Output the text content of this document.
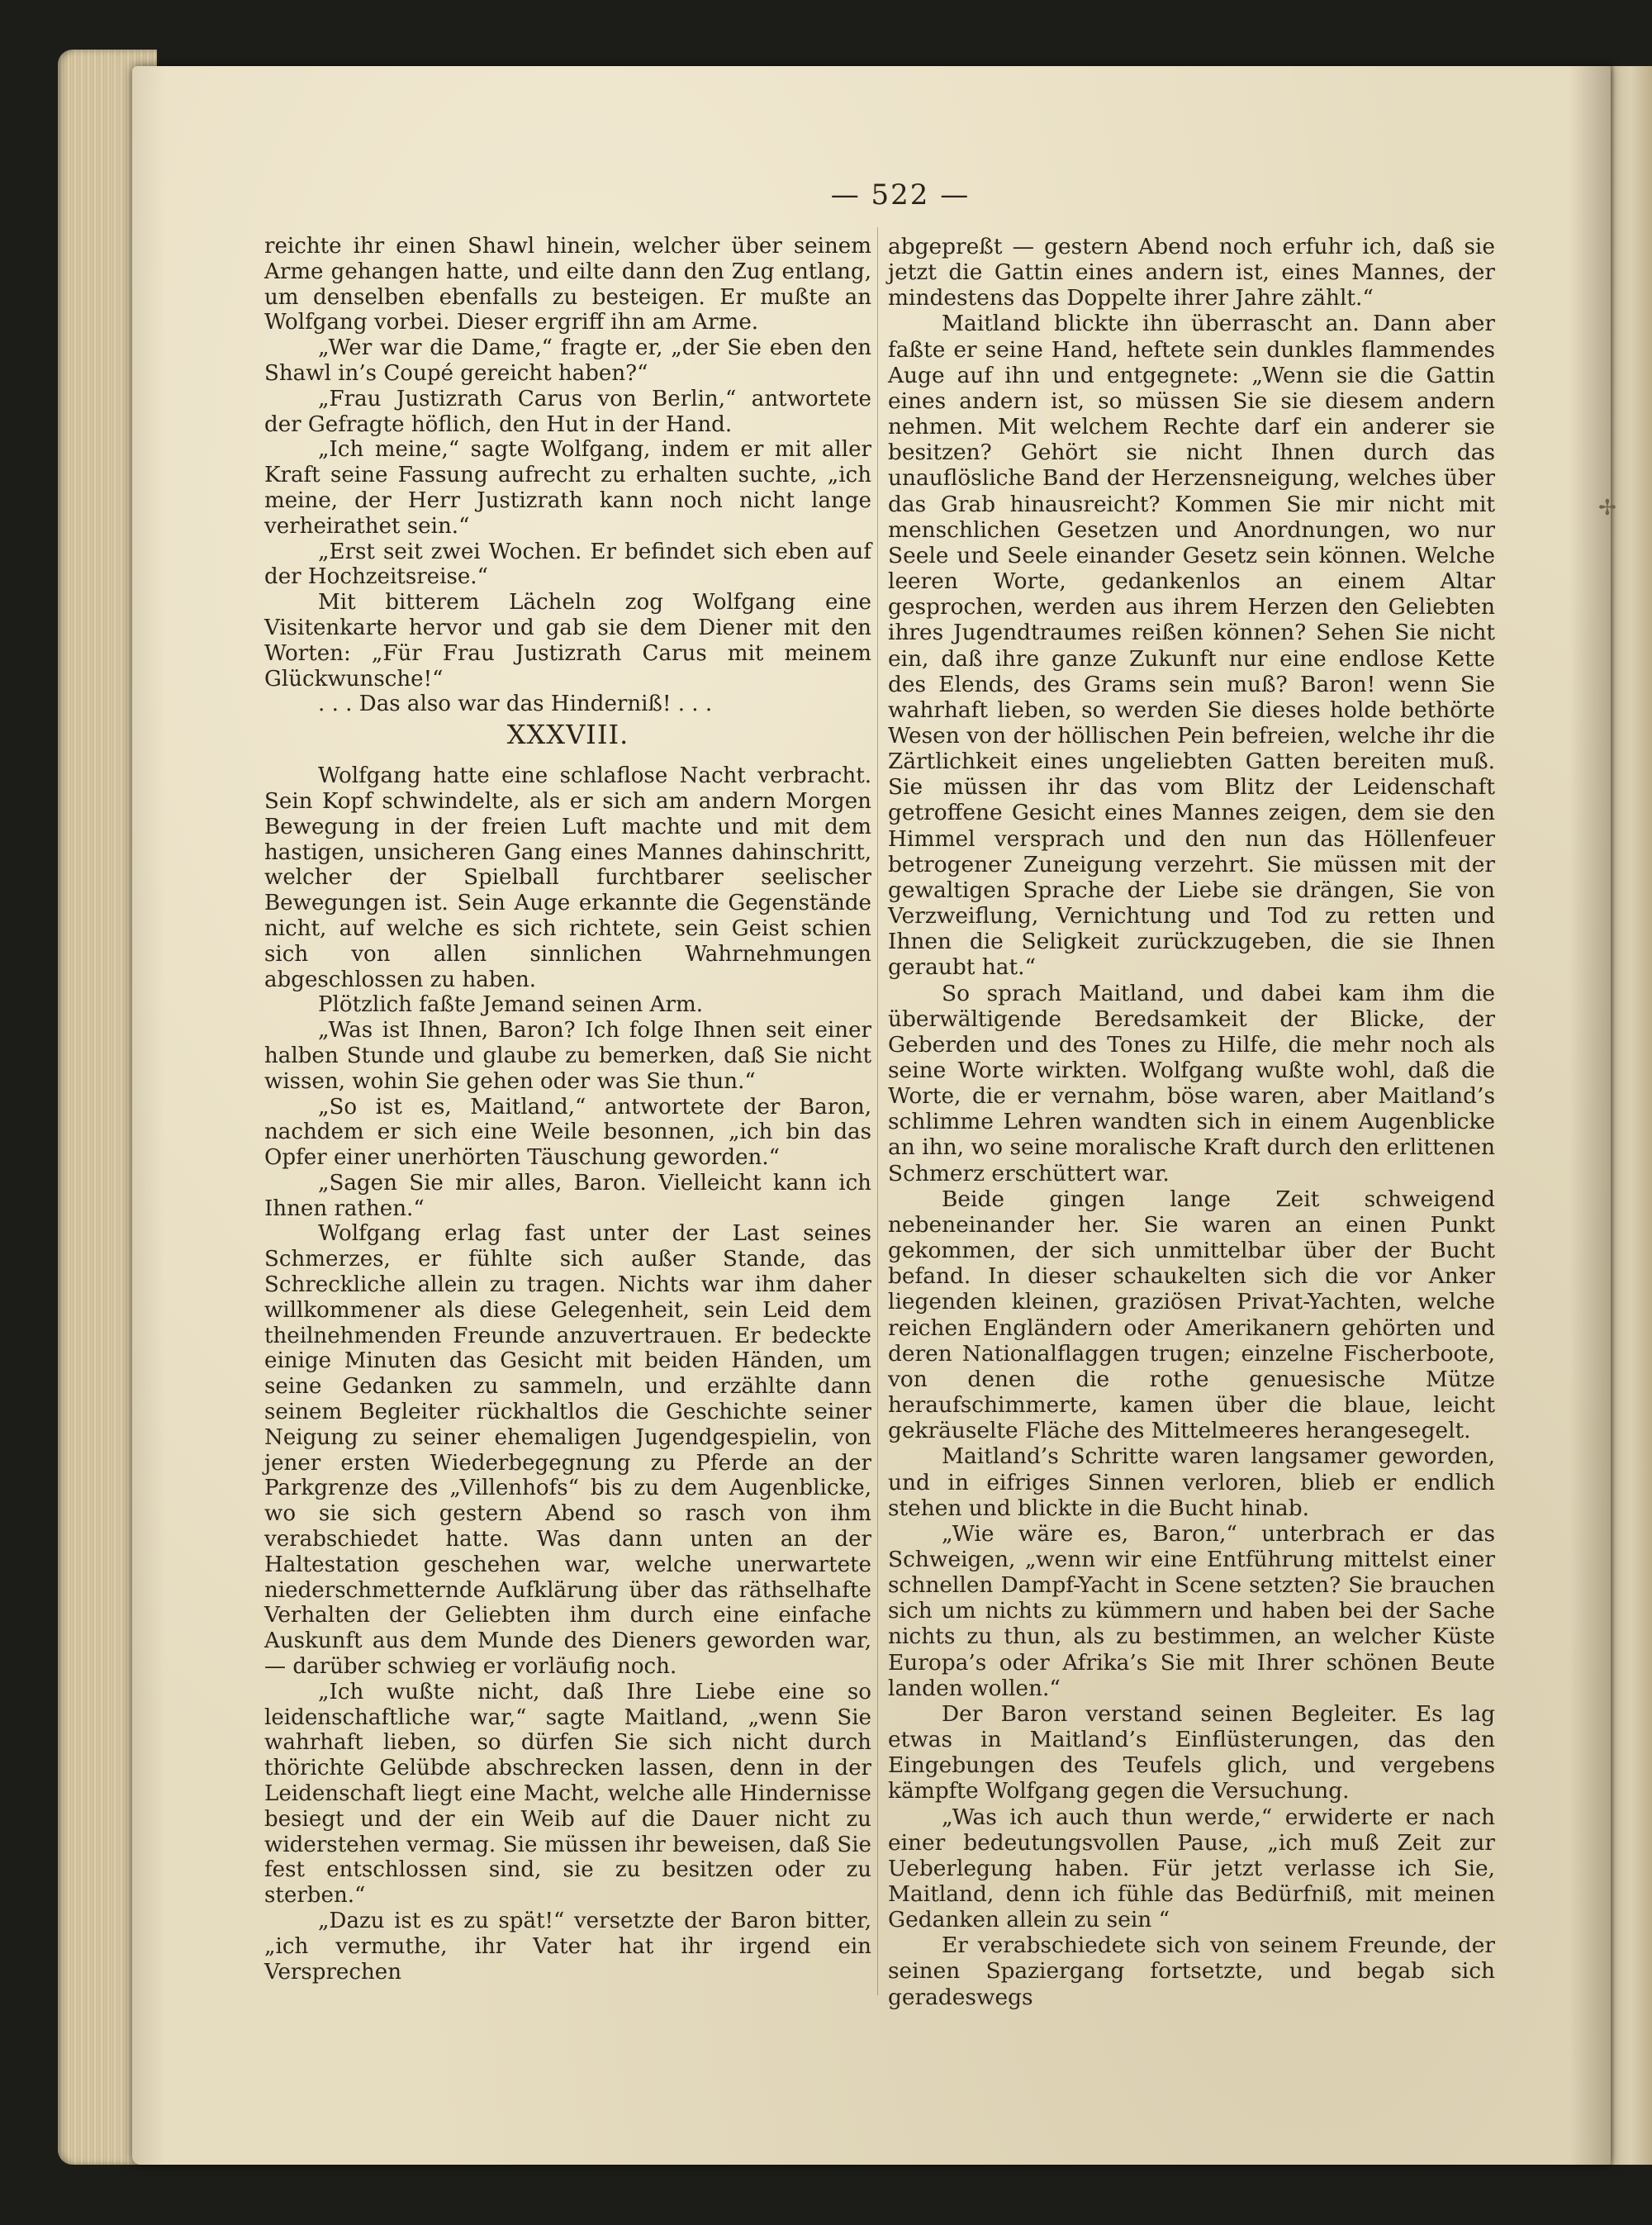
— 522 —
✢

reichte ihr einen Shawl hinein, welcher über seinem Arme gehangen hatte, und eilte dann den Zug entlang, um denselben ebenfalls zu besteigen. Er mußte an Wolfgang vorbei. Dieser ergriff ihn am Arme.

„Wer war die Dame,“ fragte er, „der Sie eben den Shawl in’s Coupé gereicht haben?“

„Frau Justizrath Carus von Berlin,“ antwortete der Gefragte höflich, den Hut in der Hand.

„Ich meine,“ sagte Wolfgang, indem er mit aller Kraft seine Fassung aufrecht zu erhalten suchte, „ich meine, der Herr Justizrath kann noch nicht lange verheirathet sein.“

„Erst seit zwei Wochen. Er befindet sich eben auf der Hochzeitsreise.“

Mit bitterem Lächeln zog Wolfgang eine Visitenkarte hervor und gab sie dem Diener mit den Worten: „Für Frau Justizrath Carus mit meinem Glückwunsche!“

. . . Das also war das Hinderniß! . . .

XXXVIII.

Wolfgang hatte eine schlaflose Nacht verbracht. Sein Kopf schwindelte, als er sich am andern Morgen Bewegung in der freien Luft machte und mit dem hastigen, unsicheren Gang eines Mannes dahinschritt, welcher der Spielball furchtbarer seelischer Bewegungen ist. Sein Auge erkannte die Gegenstände nicht, auf welche es sich richtete, sein Geist schien sich von allen sinnlichen Wahrnehmungen abgeschlossen zu haben.

Plötzlich faßte Jemand seinen Arm.

„Was ist Ihnen, Baron? Ich folge Ihnen seit einer halben Stunde und glaube zu bemerken, daß Sie nicht wissen, wohin Sie gehen oder was Sie thun.“

„So ist es, Maitland,“ antwortete der Baron, nachdem er sich eine Weile besonnen, „ich bin das Opfer einer unerhörten Täuschung geworden.“

„Sagen Sie mir alles, Baron. Vielleicht kann ich Ihnen rathen.“

Wolfgang erlag fast unter der Last seines Schmerzes, er fühlte sich außer Stande, das Schreckliche allein zu tragen. Nichts war ihm daher willkommener als diese Gelegenheit, sein Leid dem theilnehmenden Freunde anzuvertrauen. Er bedeckte einige Minuten das Gesicht mit beiden Händen, um seine Gedanken zu sammeln, und erzählte dann seinem Begleiter rückhaltlos die Geschichte seiner Neigung zu seiner ehemaligen Jugendgespielin, von jener ersten Wiederbegegnung zu Pferde an der Parkgrenze des „Villenhofs“ bis zu dem Augenblicke, wo sie sich gestern Abend so rasch von ihm verabschiedet hatte. Was dann unten an der Haltestation geschehen war, welche unerwartete niederschmetternde Aufklärung über das räthselhafte Verhalten der Geliebten ihm durch eine einfache Auskunft aus dem Munde des Dieners geworden war, — darüber schwieg er vorläufig noch.

„Ich wußte nicht, daß Ihre Liebe eine so leidenschaftliche war,“ sagte Maitland, „wenn Sie wahrhaft lieben, so dürfen Sie sich nicht durch thörichte Gelübde abschrecken lassen, denn in der Leidenschaft liegt eine Macht, welche alle Hindernisse besiegt und der ein Weib auf die Dauer nicht zu widerstehen vermag. Sie müssen ihr beweisen, daß Sie fest entschlossen sind, sie zu besitzen oder zu sterben.“

„Dazu ist es zu spät!“ versetzte der Baron bitter, „ich vermuthe, ihr Vater hat ihr irgend ein Versprechen

abgepreßt — gestern Abend noch erfuhr ich, daß sie jetzt die Gattin eines andern ist, eines Mannes, der mindestens das Doppelte ihrer Jahre zählt.“

Maitland blickte ihn überrascht an. Dann aber faßte er seine Hand, heftete sein dunkles flammendes Auge auf ihn und entgegnete: „Wenn sie die Gattin eines andern ist, so müssen Sie sie diesem andern nehmen. Mit welchem Rechte darf ein anderer sie besitzen? Gehört sie nicht Ihnen durch das unauflösliche Band der Herzensneigung, welches über das Grab hinausreicht? Kommen Sie mir nicht mit menschlichen Gesetzen und Anordnungen, wo nur Seele und Seele einander Gesetz sein können. Welche leeren Worte, gedankenlos an einem Altar gesprochen, werden aus ihrem Herzen den Geliebten ihres Jugendtraumes reißen können? Sehen Sie nicht ein, daß ihre ganze Zukunft nur eine endlose Kette des Elends, des Grams sein muß? Baron! wenn Sie wahrhaft lieben, so werden Sie dieses holde bethörte Wesen von der höllischen Pein befreien, welche ihr die Zärtlichkeit eines ungeliebten Gatten bereiten muß. Sie müssen ihr das vom Blitz der Leidenschaft getroffene Gesicht eines Mannes zeigen, dem sie den Himmel versprach und den nun das Höllenfeuer betrogener Zuneigung verzehrt. Sie müssen mit der gewaltigen Sprache der Liebe sie drängen, Sie von Verzweiflung, Vernichtung und Tod zu retten und Ihnen die Seligkeit zurückzugeben, die sie Ihnen geraubt hat.“

So sprach Maitland, und dabei kam ihm die überwältigende Beredsamkeit der Blicke, der Geberden und des Tones zu Hilfe, die mehr noch als seine Worte wirkten. Wolfgang wußte wohl, daß die Worte, die er vernahm, böse waren, aber Maitland’s schlimme Lehren wandten sich in einem Augenblicke an ihn, wo seine moralische Kraft durch den erlittenen Schmerz erschüttert war.

Beide gingen lange Zeit schweigend nebeneinander her. Sie waren an einen Punkt gekommen, der sich unmittelbar über der Bucht befand. In dieser schaukelten sich die vor Anker liegenden kleinen, graziösen Privat-Yachten, welche reichen Engländern oder Amerikanern gehörten und deren Nationalflaggen trugen; einzelne Fischerboote, von denen die rothe genuesische Mütze heraufschimmerte, kamen über die blaue, leicht gekräuselte Fläche des Mittelmeeres herangesegelt.

Maitland’s Schritte waren langsamer geworden, und in eifriges Sinnen verloren, blieb er endlich stehen und blickte in die Bucht hinab.

„Wie wäre es, Baron,“ unterbrach er das Schweigen, „wenn wir eine Entführung mittelst einer schnellen Dampf-Yacht in Scene setzten? Sie brauchen sich um nichts zu kümmern und haben bei der Sache nichts zu thun, als zu bestimmen, an welcher Küste Europa’s oder Afrika’s Sie mit Ihrer schönen Beute landen wollen.“

Der Baron verstand seinen Begleiter. Es lag etwas in Maitland’s Einflüsterungen, das den Eingebungen des Teufels glich, und vergebens kämpfte Wolfgang gegen die Versuchung.

„Was ich auch thun werde,“ erwiderte er nach einer bedeutungsvollen Pause, „ich muß Zeit zur Ueberlegung haben. Für jetzt verlasse ich Sie, Maitland, denn ich fühle das Bedürfniß, mit meinen Gedanken allein zu sein “

Er verabschiedete sich von seinem Freunde, der seinen Spaziergang fortsetzte, und begab sich geradeswegs
